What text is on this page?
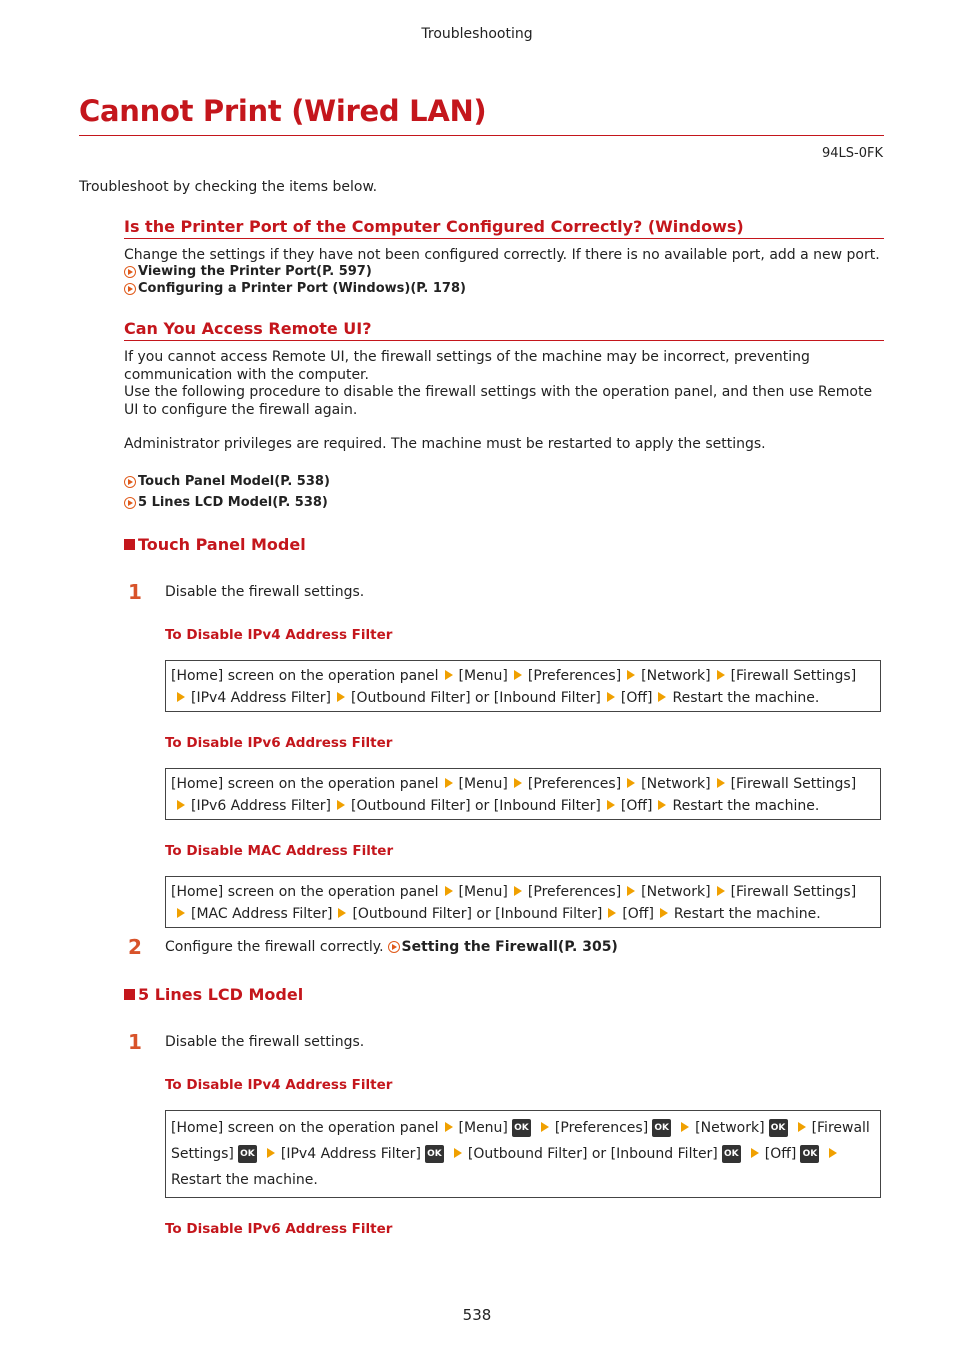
Troubleshooting
Cannot Print (Wired LAN)
94LS-0FK
Troubleshoot by checking the items below.
Is the Printer Port of the Computer Configured Correctly? (Windows)
Change the settings if they have not been configured correctly. If there is no available port, add a new port.
Viewing the Printer Port(P. 597)
Configuring a Printer Port (Windows)(P. 178)
Can You Access Remote UI?
If you cannot access Remote UI, the firewall settings of the machine may be incorrect, preventing communication with the computer.
Use the following procedure to disable the firewall settings with the operation panel, and then use Remote UI to configure the firewall again.
Administrator privileges are required. The machine must be restarted to apply the settings.
Touch Panel Model(P. 538)
5 Lines LCD Model(P. 538)
Touch Panel Model
1 Disable the firewall settings.
To Disable IPv4 Address Filter
[Home] screen on the operation panel [Menu] [Preferences] [Network] [Firewall Settings][IPv4 Address Filter] [Outbound Filter] or [Inbound Filter] [Off] Restart the machine.
To Disable IPv6 Address Filter
[Home] screen on the operation panel [Menu] [Preferences] [Network] [Firewall Settings][IPv6 Address Filter] [Outbound Filter] or [Inbound Filter] [Off] Restart the machine.
To Disable MAC Address Filter
[Home] screen on the operation panel [Menu] [Preferences] [Network] [Firewall Settings][MAC Address Filter] [Outbound Filter] or [Inbound Filter] [Off] Restart the machine.
2 Configure the firewall correctly. Setting the Firewall(P. 305)
5 Lines LCD Model
1 Disable the firewall settings.
To Disable IPv4 Address Filter
[Home] screen on the operation panel [Menu] OK [Preferences] OK [Network] OK [Firewall Settings] OK [IPv4 Address Filter] OK [Outbound Filter] or [Inbound Filter] OK [Off] OKRestart the machine.
To Disable IPv6 Address Filter
538
